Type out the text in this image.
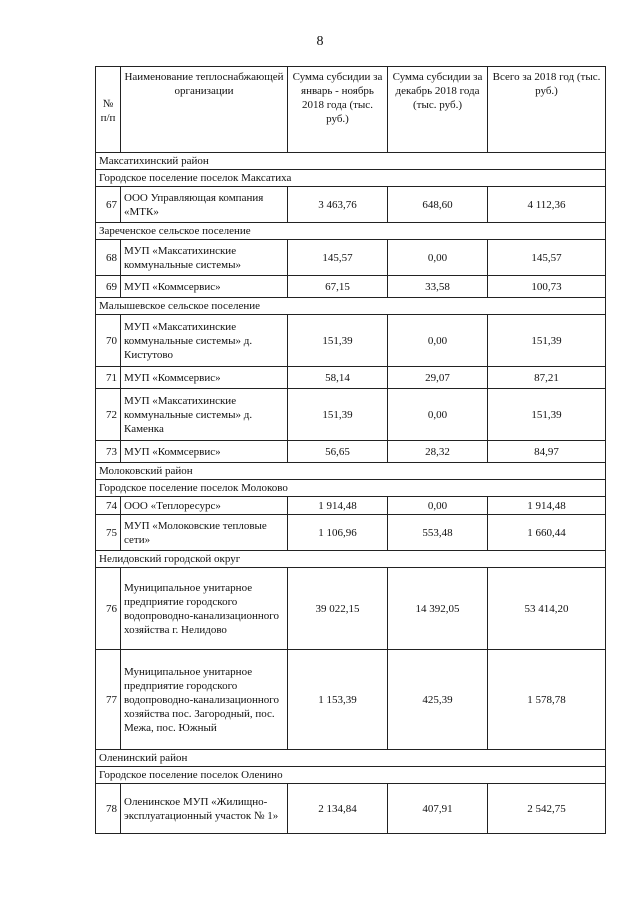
8
№ п/п	Наименование теплоснабжающей организации	Сумма субсидии за январь - ноябрь 2018 года (тыс. руб.)	Сумма субсидии за декабрь 2018 года (тыс. руб.)	Всего за 2018 год (тыс. руб.)
Максатихинский район				
Городское поселение поселок Максатиха				
67	ООО Управляющая компания «МТК»	3 463,76	648,60	4 112,36
Зареченское сельское поселение				
68	МУП «Максатихинские коммунальные системы»	145,57	0,00	145,57
69	МУП «Коммсервис»	67,15	33,58	100,73
Малышевское сельское поселение				
70	МУП «Максатихинские коммунальные системы» д. Кистутово	151,39	0,00	151,39
71	МУП «Коммсервис»	58,14	29,07	87,21
72	МУП «Максатихинские коммунальные системы» д. Каменка	151,39	0,00	151,39
73	МУП «Коммсервис»	56,65	28,32	84,97
Молоковский район				
Городское поселение поселок Молоково				
74	ООО «Теплоресурс»	1 914,48	0,00	1 914,48
75	МУП «Молоковские тепловые сети»	1 106,96	553,48	1 660,44
Нелидовский городской округ				
76	Муниципальное унитарное предприятие городского водопроводно-канализационного хозяйства г. Нелидово	39 022,15	14 392,05	53 414,20
77	Муниципальное унитарное предприятие городского водопроводно-канализационного хозяйства пос. Загородный, пос. Межа, пос. Южный	1 153,39	425,39	1 578,78
Оленинский район				
Городское поселение поселок Оленино				
78	Оленинское МУП «Жилищно-эксплуатационный участок № 1»	2 134,84	407,91	2 542,75
